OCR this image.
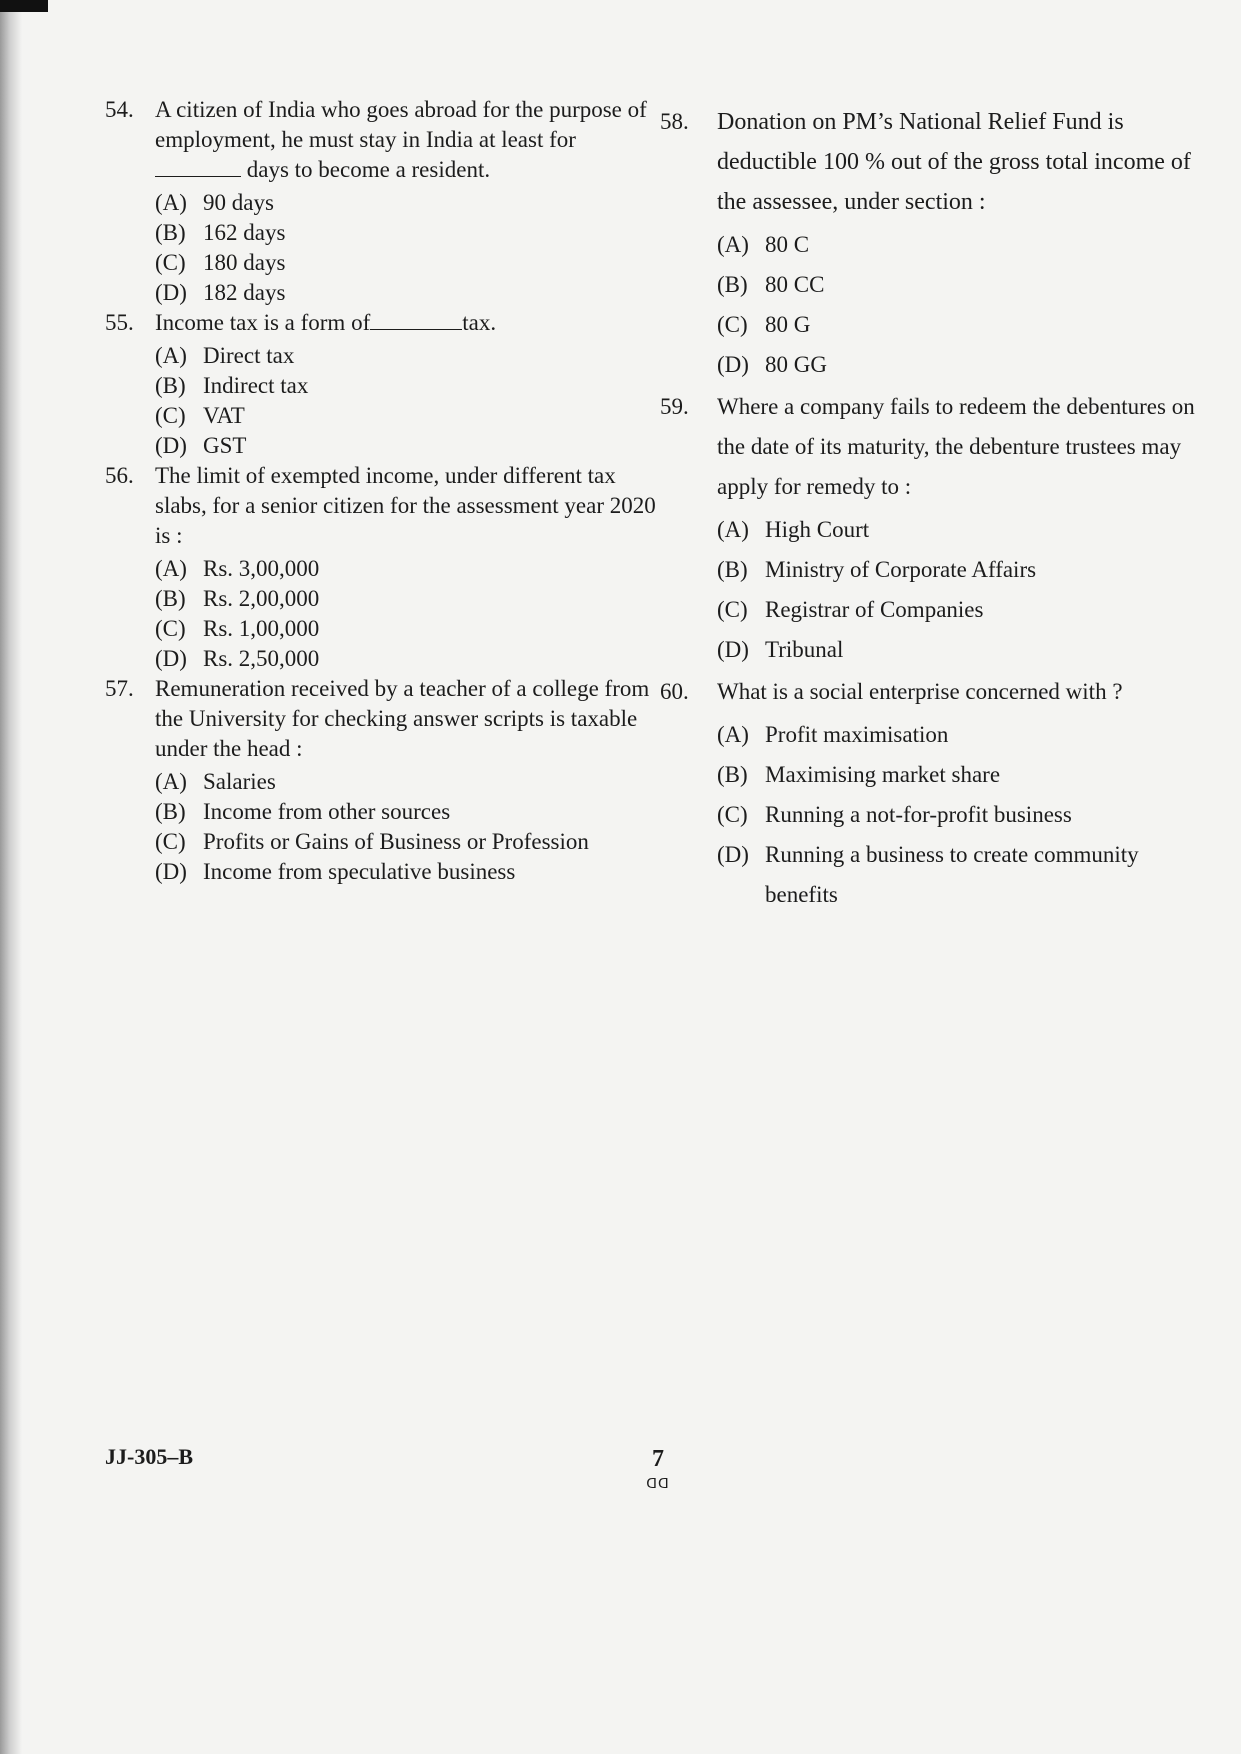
54. A citizen of India who goes abroad for the purpose of employment, he must stay in India at least for
days to become a resident.

(A) 90 days
(B) 162 days
(C) 180 days
(D) 182 days
55. Income tax is a form of	tax.

(A) Direct tax
(B) Indirect tax
(C) VAT
(D) GST
56. The limit of exempted income, under different tax slabs, for a senior citizen for the assessment year 2020 is :

(A) Rs. 3,00,000
(B) Rs. 2,00,000
(C) Rs. 1,00,000
(D) Rs. 2,50,000
57. Remuneration received by a teacher of a college from the University for checking answer scripts is taxable under the head :

(A) Salaries
(B) Income from other sources
(C) Profits or Gains of Business or Profession
(D) Income from speculative business
58.	Donation on PM’s National Relief Fund is deductible 100 % out of the gross total income of the assessee, under section :

(A) 80 C
(B) 80 CC
(C) 80 G
(D) 80 GG
59.	Where a company fails to redeem the debentures on the date of its maturity, the debenture trustees may apply for remedy to :

(A) High Court
(B) Ministry of Corporate Affairs
(C) Registrar of Companies
(D) Tribunal
60.	What is a social enterprise concerned with ?

(A) Profit maximisation
(B) Maximising market share
(C) Running a not-for-profit business
(D) Running a business to create community benefits
JJ-305–B	7
ᗡᗡ
